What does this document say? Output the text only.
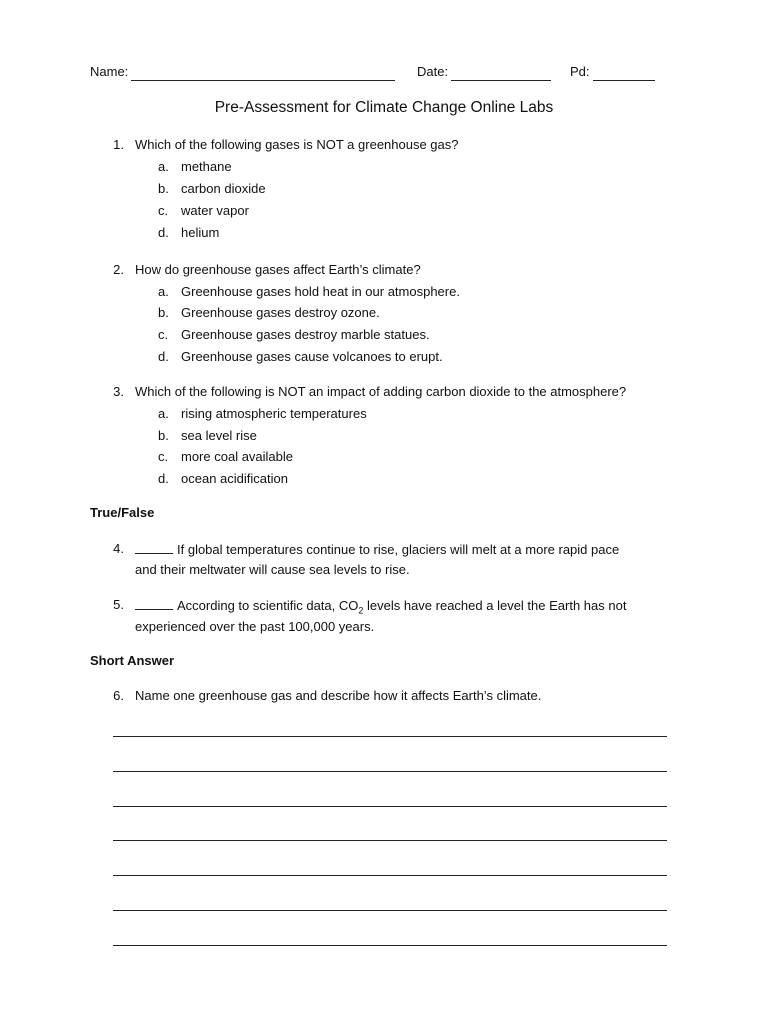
Name:	Date:	Pd:
Pre-Assessment for Climate Change Online Labs
1. Which of the following gases is NOT a greenhouse gas?
a. methane
b. carbon dioxide
c. water vapor
d. helium
2. How do greenhouse gases affect Earth’s climate?
a. Greenhouse gases hold heat in our atmosphere.
b. Greenhouse gases destroy ozone.
c. Greenhouse gases destroy marble statues.
d. Greenhouse gases cause volcanoes to erupt.
3. Which of the following is NOT an impact of adding carbon dioxide to the atmosphere?
a. rising atmospheric temperatures
b. sea level rise
c. more coal available
d. ocean acidification
True/False
4.	If global temperatures continue to rise, glaciers will melt at a more rapid pace
and their meltwater will cause sea levels to rise.
5.	According to scientific data, $CO_2$ levels have reached a level the Earth has not
experienced over the past 100,000 years.
Short Answer
6. Name one greenhouse gas and describe how it affects Earth’s climate.
